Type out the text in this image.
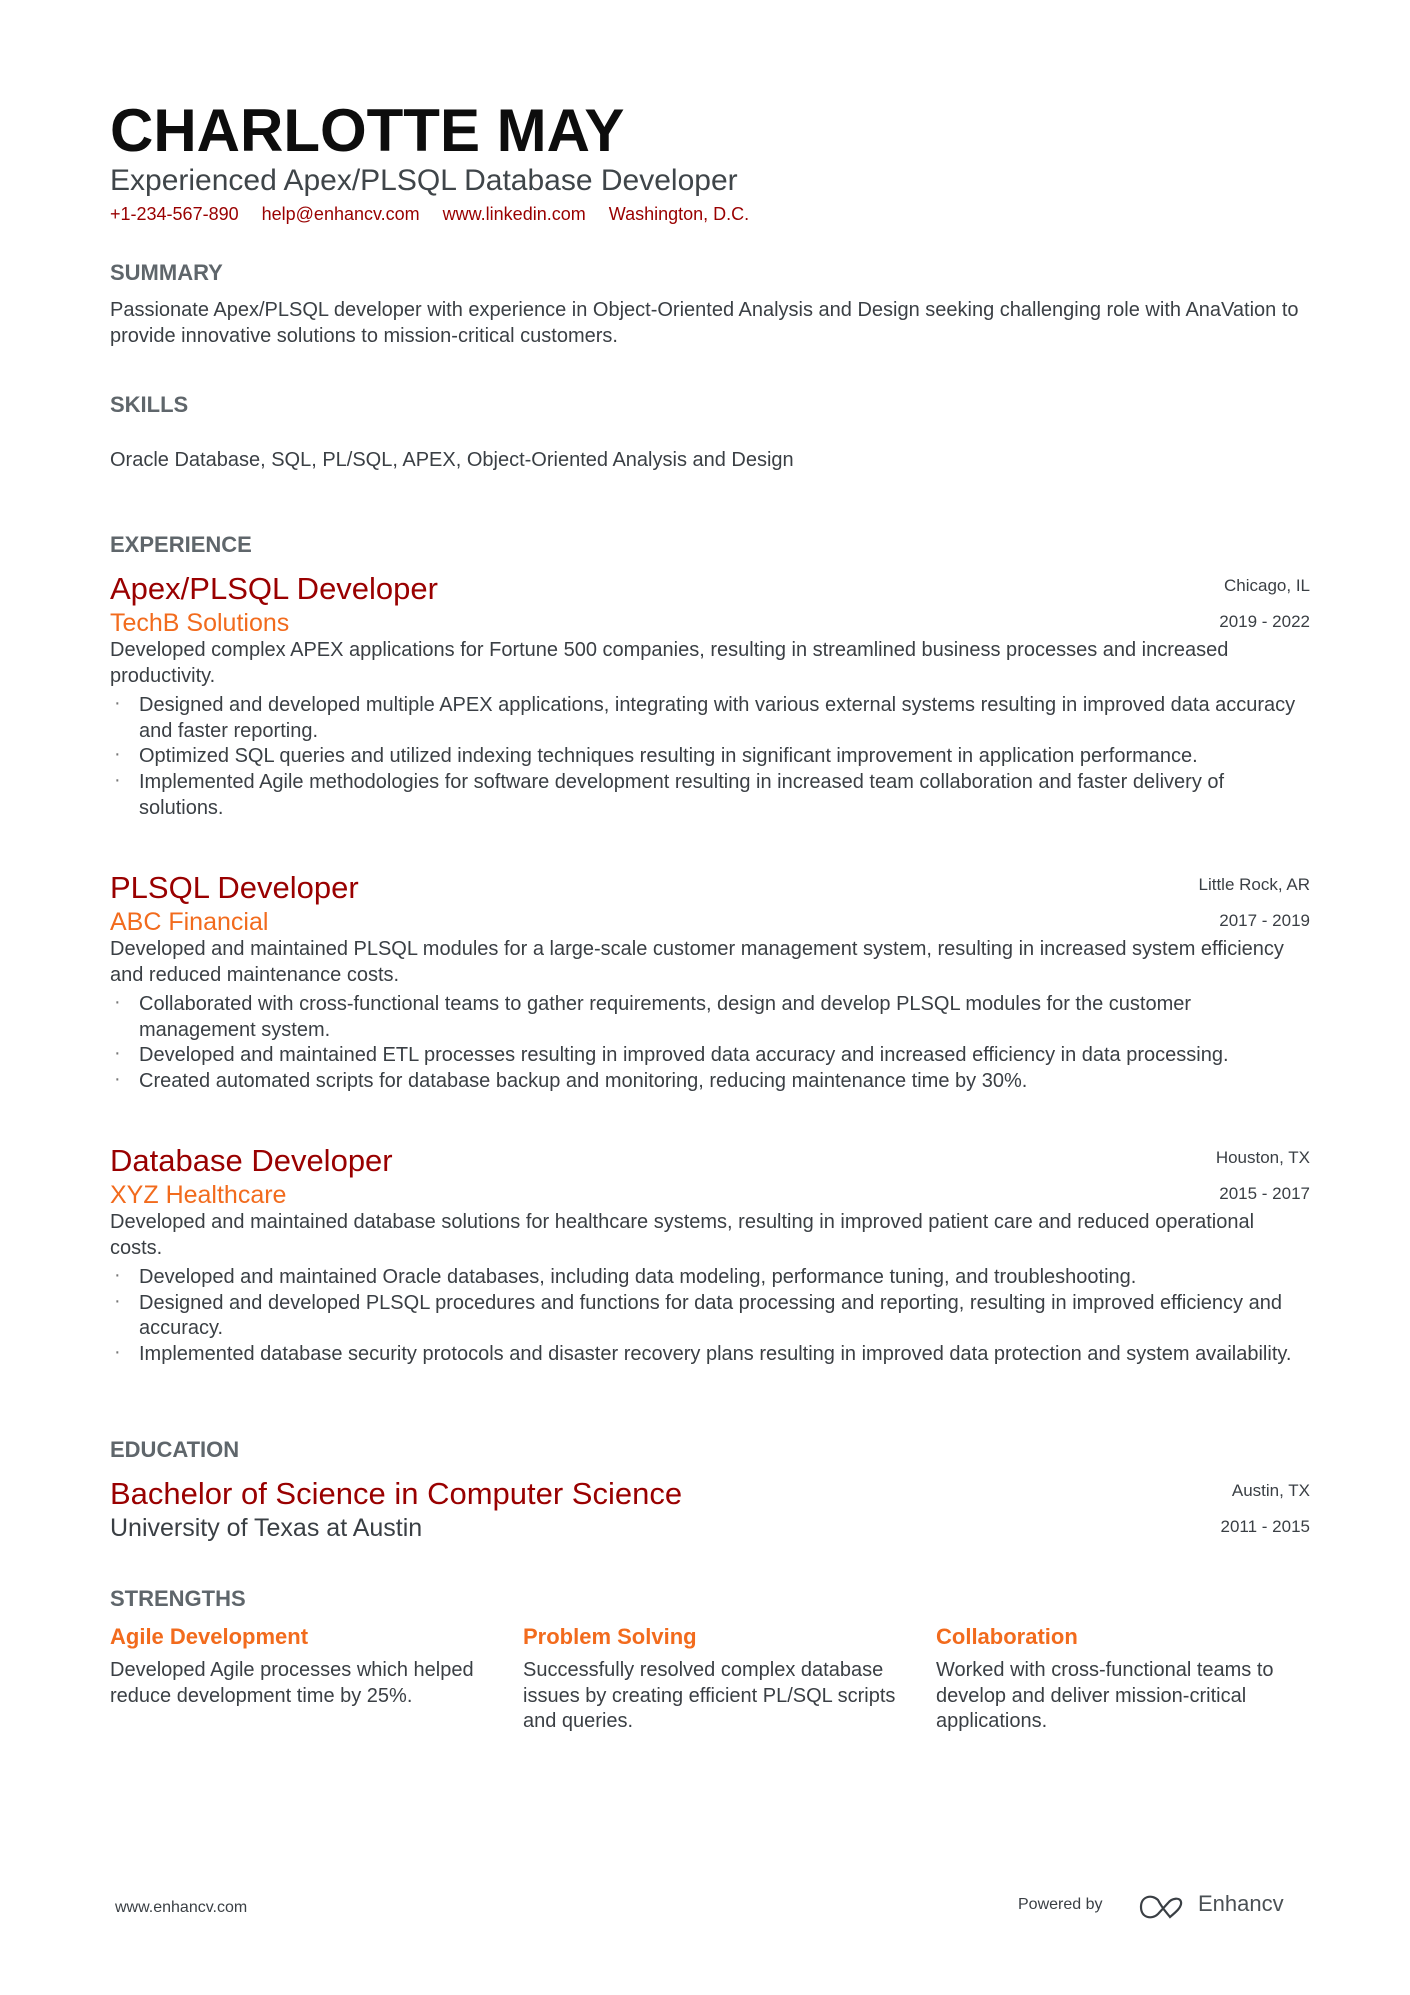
CHARLOTTE MAY
Experienced Apex/PLSQL Database Developer
+1-234-567-890 help@enhancv.com www.linkedin.com Washington, D.C.
SUMMARY
Passionate Apex/PLSQL developer with experience in Object-Oriented Analysis and Design seeking challenging role with AnaVation to provide innovative solutions to mission-critical customers.
SKILLS
Oracle Database, SQL, PL/SQL, APEX, Object-Oriented Analysis and Design
EXPERIENCE
Apex/PLSQL Developer
TechB Solutions
Chicago, IL
2019 - 2022
Developed complex APEX applications for Fortune 500 companies, resulting in streamlined business processes and increased productivity.
· Designed and developed multiple APEX applications, integrating with various external systems resulting in improved data accuracy and faster reporting.
· Optimized SQL queries and utilized indexing techniques resulting in significant improvement in application performance.
· Implemented Agile methodologies for software development resulting in increased team collaboration and faster delivery of solutions.
PLSQL Developer
ABC Financial
Little Rock, AR
2017 - 2019
Developed and maintained PLSQL modules for a large-scale customer management system, resulting in increased system efficiency and reduced maintenance costs.
· Collaborated with cross-functional teams to gather requirements, design and develop PLSQL modules for the customer management system.
· Developed and maintained ETL processes resulting in improved data accuracy and increased efficiency in data processing.
· Created automated scripts for database backup and monitoring, reducing maintenance time by 30%.
Database Developer
XYZ Healthcare
Houston, TX
2015 - 2017
Developed and maintained database solutions for healthcare systems, resulting in improved patient care and reduced operational costs.
· Developed and maintained Oracle databases, including data modeling, performance tuning, and troubleshooting.
· Designed and developed PLSQL procedures and functions for data processing and reporting, resulting in improved efficiency and accuracy.
· Implemented database security protocols and disaster recovery plans resulting in improved data protection and system availability.
EDUCATION
Bachelor of Science in Computer Science
University of Texas at Austin
Austin, TX
2011 - 2015
STRENGTHS
Agile Development
Developed Agile processes which helped reduce development time by 25%.
Problem Solving
Successfully resolved complex database issues by creating efficient PL/SQL scripts and queries.
Collaboration
Worked with cross-functional teams to develop and deliver mission-critical applications.
www.enhancv.com	Powered by	Enhancv
